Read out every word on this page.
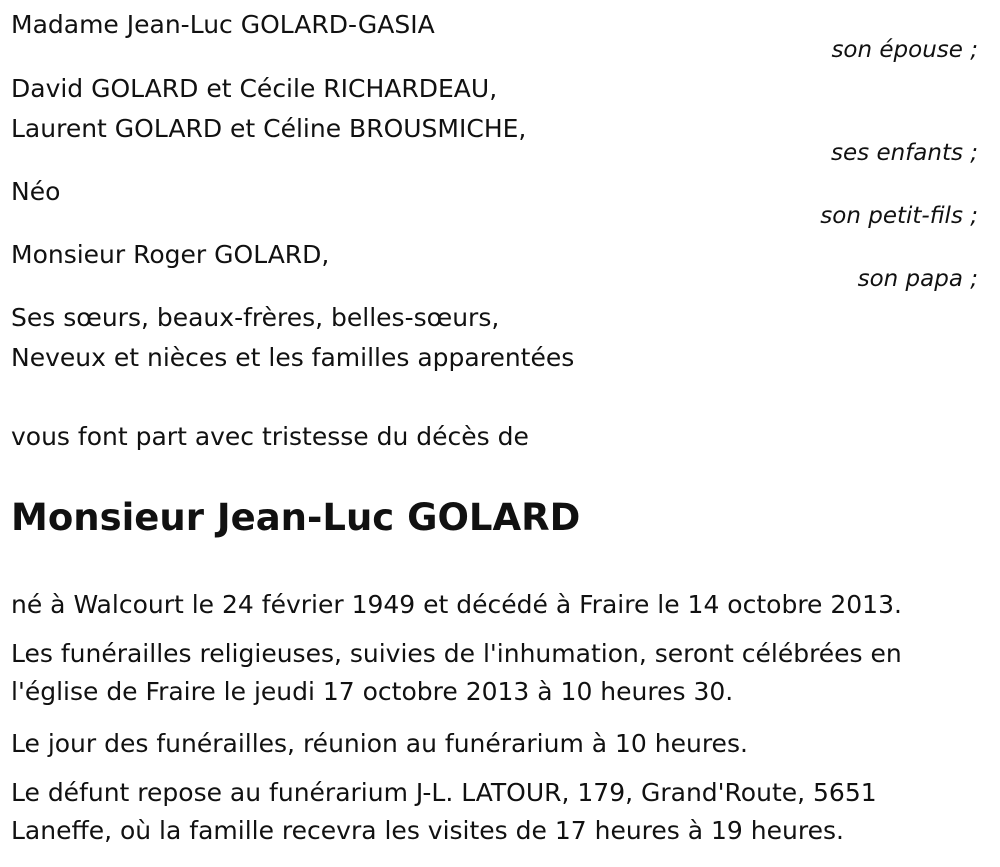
Madame Jean-Luc GOLARD-GASIA
son épouse ;
David GOLARD et Cécile RICHARDEAU,
Laurent GOLARD et Céline BROUSMICHE,
ses enfants ;
Néo
son petit-fils ;
Monsieur Roger GOLARD,
son papa ;
Ses sœurs, beaux-frères, belles-sœurs,
Neveux et nièces et les familles apparentées
vous font part avec tristesse du décès de
Monsieur Jean-Luc GOLARD
né à Walcourt le 24 février 1949 et décédé à Fraire le 14 octobre 2013.
Les funérailles religieuses, suivies de l'inhumation, seront célébrées en l'église de Fraire le jeudi 17 octobre 2013 à 10 heures 30.
Le jour des funérailles, réunion au funérarium à 10 heures.
Le défunt repose au funérarium J-L. LATOUR, 179, Grand'Route, 5651 Laneffe, où la famille recevra les visites de 17 heures à 19 heures.
